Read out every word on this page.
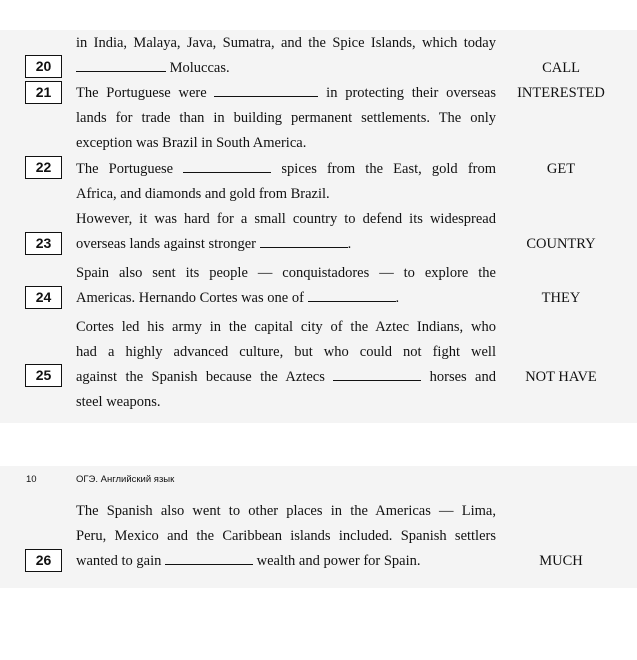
in India, Malaya, Java, Sumatra, and the Spice Islands, which today
20	Moluccas.	CALL
21	The Portuguese were	in protecting their overseas	INTERESTED
lands for trade than in building permanent settlements. The only
exception was Brazil in South America.
22	The Portuguese	spices from the East, gold from	GET
Africa, and diamonds and gold from Brazil.
However, it was hard for a small country to defend its widespread
23	overseas lands against stronger	.	COUNTRY
Spain also sent its people — conquistadores — to explore the
24	Americas. Hernando Cortes was one of	.	THEY
Cortes led his army in the capital city of the Aztec Indians, who
had a highly advanced culture, but who could not fight well
25	against the Spanish because the Aztecs	horses and	NOT HAVE
steel weapons.
10	ОГЭ. Английский язык
The Spanish also went to other places in the Americas — Lima,
Peru, Mexico and the Caribbean islands included. Spanish settlers
26	wanted to gain	wealth and power for Spain.	MUCH
